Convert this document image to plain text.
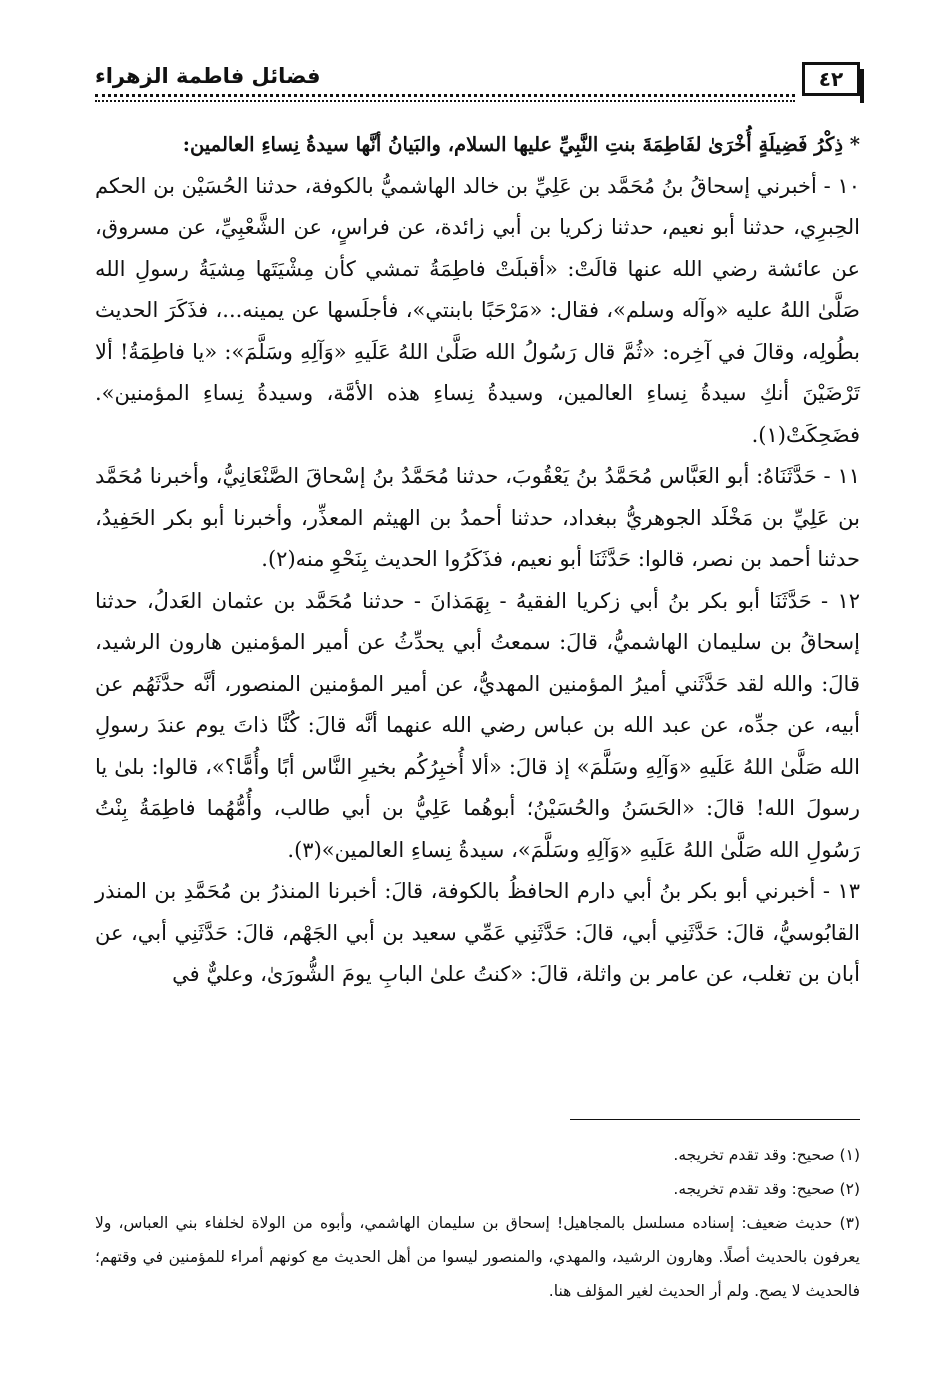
٤٢
فضائل فاطمة الزهراء

* ذِكْرُ فَضِيلَةٍ أُخْرَىٰ لفَاطِمَةَ بنتِ النَّبِيِّ عليها السلام، والبَيانُ أنَّها سيدةُ نِساءِ العالمين:

١٠ - أخبرني إسحاقُ بنُ مُحَمَّد بن عَلِيِّ بن خالد الهاشميُّ بالكوفة، حدثنا الحُسَيْن بن الحكم الحِبرِي، حدثنا أبو نعيم، حدثنا زكريا بن أبي زائدة، عن فراسٍ، عن الشَّعْبِيِّ، عن مسروق، عن عائشة رضي الله عنها قالَتْ: «أقبلَتْ فاطِمَةُ تمشي كأن مِشْيَتَها مِشيَةُ رسولِ الله صَلَّىٰ اللهُ عليه «وآله وسلم»، فقال: «مَرْحَبًا بابنتي»، فأجلَسها عن يمينه...، فذَكَرَ الحديث بطُولِه، وقالَ في آخِره: «ثُمَّ قال رَسُولُ الله صَلَّىٰ اللهُ عَلَيهِ «وَآلِهِ وسَلَّمَ»: «يا فاطِمَةُ! ألا تَرْضَيْنَ أنكِ سيدةُ نِساءِ العالمين، وسيدةُ نِساءِ هذه الأمَّة، وسيدةُ نِساءِ المؤمنين». فضَحِكَتْ(١).

١١ - حَدَّثَنَاهُ: أبو العَبَّاس مُحَمَّدُ بنُ يَعْقُوبَ، حدثنا مُحَمَّدُ بنُ إسْحاقَ الصَّنْعَانِيُّ، وأخبرنا مُحَمَّد بن عَلِيِّ بن مَخْلَد الجوهريُّ ببغداد، حدثنا أحمدُ بن الهيثم المعذِّر، وأخبرنا أبو بكر الحَفِيدُ، حدثنا أحمد بن نصر، قالوا: حَدَّثَنَا أبو نعيم، فذَكَرُوا الحديث بِنَحْوِ منه(٢).

١٢ - حَدَّثَنَا أبو بكر بنُ أبي زكريا الفقيهُ - بِهَمَذانَ - حدثنا مُحَمَّد بن عثمان العَدلُ، حدثنا إسحاقُ بن سليمان الهاشميُّ، قالَ: سمعتُ أبي يحدِّثُ عن أمير المؤمنين هارون الرشيد، قالَ: والله لقد حَدَّثَني أميرُ المؤمنين المهديُّ، عن أمير المؤمنين المنصور، أنَّه حدَّثَهُم عن أبيه، عن جدِّه، عن عبد الله بن عباس رضي الله عنهما أنَّه قالَ: كُنَّا ذاتَ يوم عندَ رسولِ الله صَلَّىٰ اللهُ عَلَيهِ «وَآلِهِ وسَلَّمَ» إذ قالَ: «ألا أُخبِرُكُم بخيرِ النَّاس أبًا وأُمًّا؟»، قالوا: بلىٰ يا رسولَ الله! قالَ: «الحَسَنُ والحُسَيْنُ؛ أبوهُما عَلِيُّ بن أبي طالب، وأُمُّهُما فاطِمَةُ بِنْتُ رَسُولِ الله صَلَّىٰ اللهُ عَلَيهِ «وَآلِهِ وسَلَّمَ»، سيدةُ نِساءِ العالمين»(٣).

١٣ - أخبرني أبو بكر بنُ أبي دارم الحافظُ بالكوفة، قالَ: أخبرنا المنذرُ بن مُحَمَّدِ بن المنذر القابُوسيُّ، قالَ: حَدَّثَنِي أبي، قالَ: حَدَّثَنِي عَمِّي سعيد بن أبي الجَهْم، قالَ: حَدَّثَنِي أبي، عن أبان بن تغلب، عن عامر بن واثلة، قالَ: «كنتُ علىٰ البابِ يومَ الشُّورَىٰ، وعليٌّ في

(١) صحيح: وقد تقدم تخريجه.

(٢) صحيح: وقد تقدم تخريجه.

(٣) حديث ضعيف: إسناده مسلسل بالمجاهيل! إسحاق بن سليمان الهاشمي، وأبوه من الولاة لخلفاء بني العباس، ولا يعرفون بالحديث أصلًا. وهارون الرشيد، والمهدي، والمنصور ليسوا من أهل الحديث مع كونهم أمراء للمؤمنين في وقتهم؛ فالحديث لا يصح. ولم أر الحديث لغير المؤلف هنا.
